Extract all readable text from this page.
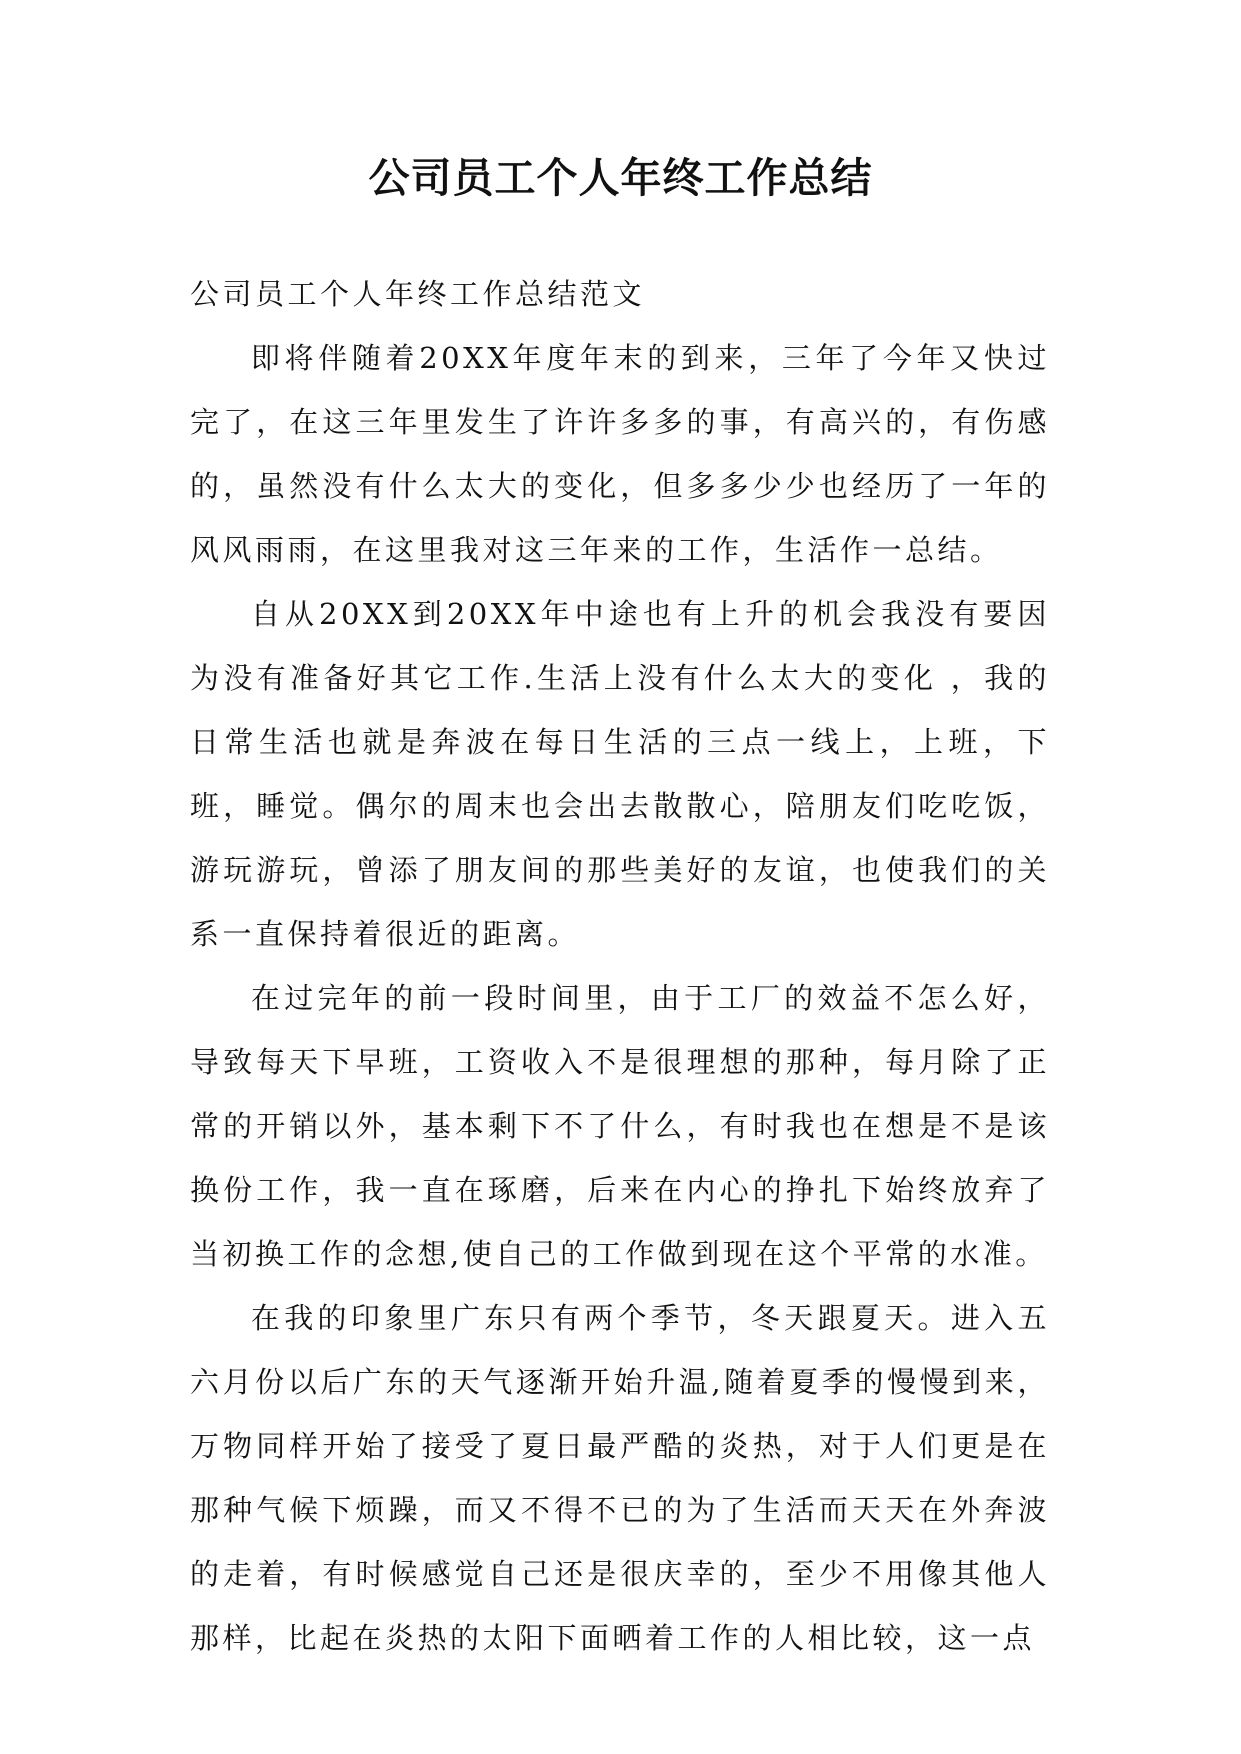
公司员工个人年终工作总结

公司员工个人年终工作总结范文

即将伴随着20XX年度年末的到来，三年了今年又快过完了，在这三年里发生了许许多多的事，有高兴的，有伤感的，虽然没有什么太大的变化，但多多少少也经历了一年的风风雨雨，在这里我对这三年来的工作，生活作一总结。

自从20XX到20XX年中途也有上升的机会我没有要因为没有准备好其它工作.生活上没有什么太大的变化 ，我的日常生活也就是奔波在每日生活的三点一线上，上班，下班，睡觉。偶尔的周末也会出去散散心，陪朋友们吃吃饭，游玩游玩，曾添了朋友间的那些美好的友谊，也使我们的关系一直保持着很近的距离。

在过完年的前一段时间里，由于工厂的效益不怎么好，导致每天下早班，工资收入不是很理想的那种，每月除了正常的开销以外，基本剩下不了什么，有时我也在想是不是该换份工作，我一直在琢磨，后来在内心的挣扎下始终放弃了当初换工作的念想,使自己的工作做到现在这个平常的水准。

在我的印象里广东只有两个季节，冬天跟夏天。进入五六月份以后广东的天气逐渐开始升温,随着夏季的慢慢到来，万物同样开始了接受了夏日最严酷的炎热，对于人们更是在那种气候下烦躁，而又不得不已的为了生活而天天在外奔波的走着，有时候感觉自己还是很庆幸的，至少不用像其他人那样，比起在炎热的太阳下面晒着工作的人相比较，这一点
